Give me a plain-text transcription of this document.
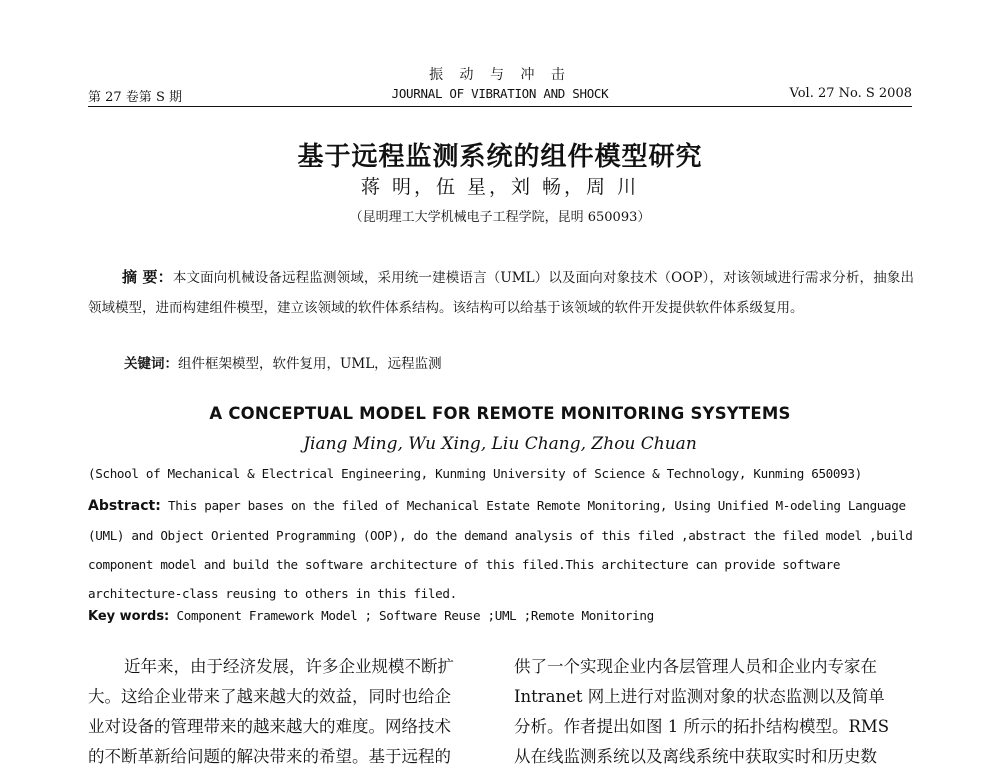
振 动 与 冲 击
第 27 卷第 S 期	JOURNAL OF VIBRATION AND SHOCK	Vol. 27 No. S 2008
基于远程监测系统的组件模型研究
蒋 明，伍 星，刘 畅，周 川
（昆明理工大学机械电子工程学院，昆明 650093）
摘 要：本文面向机械设备远程监测领域，采用统一建模语言（UML）以及面向对象技术（OOP），对该领域进行需求分析，抽象出领域模型，进而构建组件模型，建立该领域的软件体系结构。该结构可以给基于该领域的软件开发提供软件体系级复用。
关键词：组件框架模型，软件复用，UML，远程监测
A CONCEPTUAL MODEL FOR REMOTE MONITORING SYSYTEMS
Jiang Ming, Wu Xing, Liu Chang, Zhou Chuan
(School of Mechanical & Electrical Engineering, Kunming University of Science & Technology, Kunming 650093)
Abstract: This paper bases on the filed of Mechanical Estate Remote Monitoring, Using Unified M-odeling Language
(UML) and Object Oriented Programming (OOP), do the demand analysis of this filed ,abstract the filed model ,build
component model and build the software architecture of this filed.This architecture can provide software
architecture-class reusing to others in this filed.
Key words: Component Framework Model ; Software Reuse ;UML ;Remote Monitoring
近年来，由于经济发展，许多企业规模不断扩
大。这给企业带来了越来越大的效益，同时也给企
业对设备的管理带来的越来越大的难度。网络技术
的不断革新给问题的解决带来的希望。基于远程的
供了一个实现企业内各层管理人员和企业内专家在
Intranet 网上进行对监测对象的状态监测以及简单
分析。作者提出如图 1 所示的拓扑结构模型。RMS
从在线监测系统以及离线系统中获取实时和历史数
